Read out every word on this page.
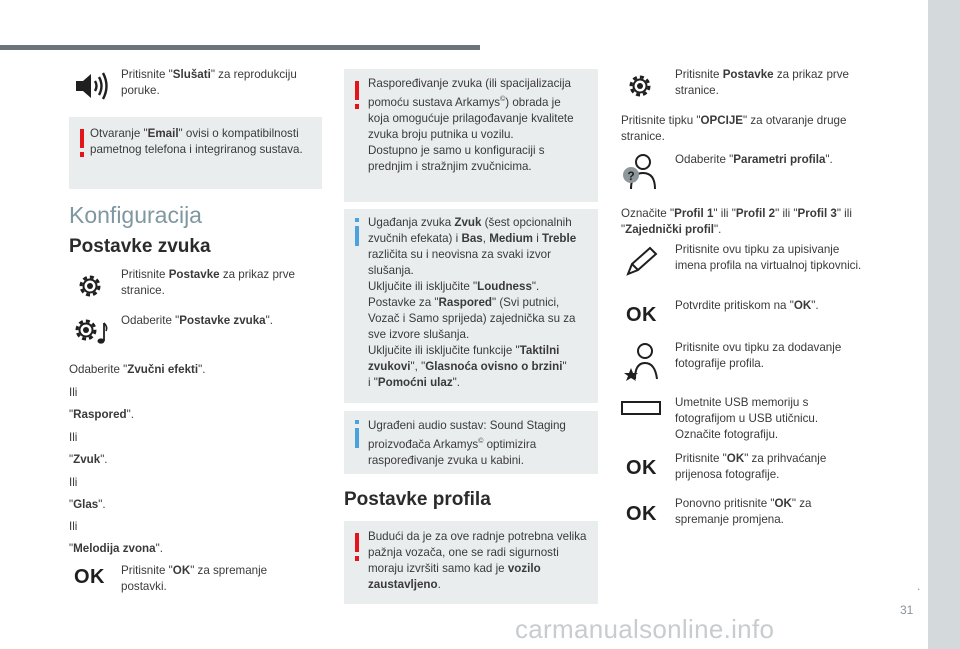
.
31
carmanualsonline.info
Pritisnite "Slušati" za reprodukciju poruke.
Otvaranje "Email" ovisi o kompatibilnosti pametnog telefona i integriranog sustava.
Konfiguracija
Postavke zvuka
Pritisnite Postavke za prikaz prve stranice.
Odaberite "Postavke zvuka".
Odaberite "Zvučni efekti".
Ili
"Raspored".
Ili
"Zvuk".
Ili
"Glas".
Ili
"Melodija zvona".
OK Pritisnite "OK" za spremanje postavki.
Raspoređivanje zvuka (ili spacijalizacija
pomoću sustava Arkamys©) obrada je
koja omogućuje prilagođavanje kvalitete
zvuka broju putnika u vozilu.
Dostupno je samo u konfiguraciji s
prednjim i stražnjim zvučnicima.
Ugađanja zvuka Zvuk (šest opcionalnih
zvučnih efekata) i Bas, Medium i Treble
različita su i neovisna za svaki izvor
slušanja.
Uključite ili isključite "Loudness".
Postavke za "Raspored" (Svi putnici,
Vozač i Samo sprijeda) zajednička su za
sve izvore slušanja.
Uključite ili isključite funkcije "Taktilni
zvukovi", "Glasnoća ovisno o brzini"
i "Pomoćni ulaz".
Ugrađeni audio sustav: Sound Staging
proizvođača Arkamys© optimizira
raspoređivanje zvuka u kabini.
Postavke profila
Budući da je za ove radnje potrebna velika
pažnja vozača, one se radi sigurnosti
moraju izvršiti samo kad je vozilo
zaustavljeno.
Pritisnite Postavke za prikaz prve stranice.
Pritisnite tipku "OPCIJE" za otvaranje druge stranice.
?
Odaberite "Parametri profila".
Označite "Profil 1" ili "Profil 2" ili "Profil 3" ili
"Zajednički profil".
Pritisnite ovu tipku za upisivanje imena profila na virtualnoj tipkovnici.
OK Potvrdite pritiskom na "OK".
Pritisnite ovu tipku za dodavanje fotografije profila.
Umetnite USB memoriju s
fotografijom u USB utičnicu.
Označite fotografiju.
OK Pritisnite "OK" za prihvaćanje prijenosa fotografije.
OK Ponovno pritisnite "OK" za spremanje promjena.
